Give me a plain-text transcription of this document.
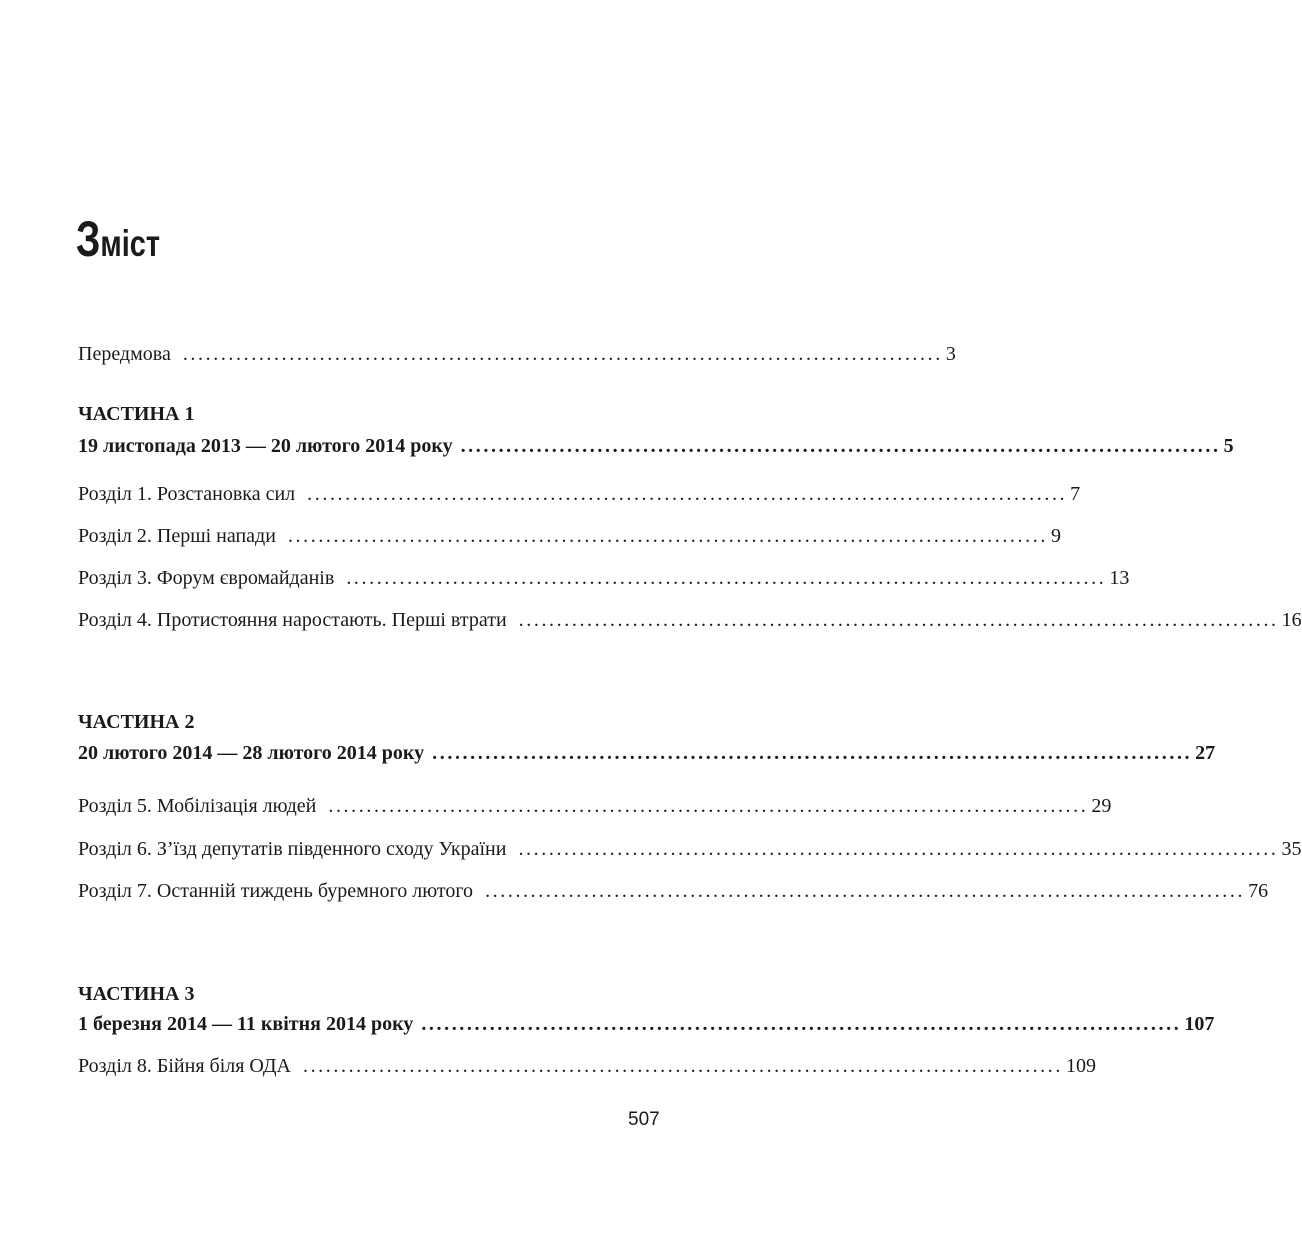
Зміст
Передмова .................................................................................................... 3
ЧАСТИНА 1
19 листопада 2013 — 20 лютого 2014 року .................................................................................................... 5
Розділ 1. Розстановка сил .................................................................................................... 7
Розділ 2. Перші напади .................................................................................................... 9
Розділ 3. Форум євромайданів .................................................................................................... 13
Розділ 4. Протистояння наростають. Перші втрати .................................................................................................... 16
ЧАСТИНА 2
20 лютого 2014 — 28 лютого 2014 року .................................................................................................... 27
Розділ 5. Мобілізація людей .................................................................................................... 29
Розділ 6. З’їзд депутатів південного сходу України .................................................................................................... 35
Розділ 7. Останній тиждень буремного лютого .................................................................................................... 76
ЧАСТИНА 3
1 березня 2014 — 11 квітня 2014 року .................................................................................................... 107
Розділ 8. Бійня біля ОДА .................................................................................................... 109
507
